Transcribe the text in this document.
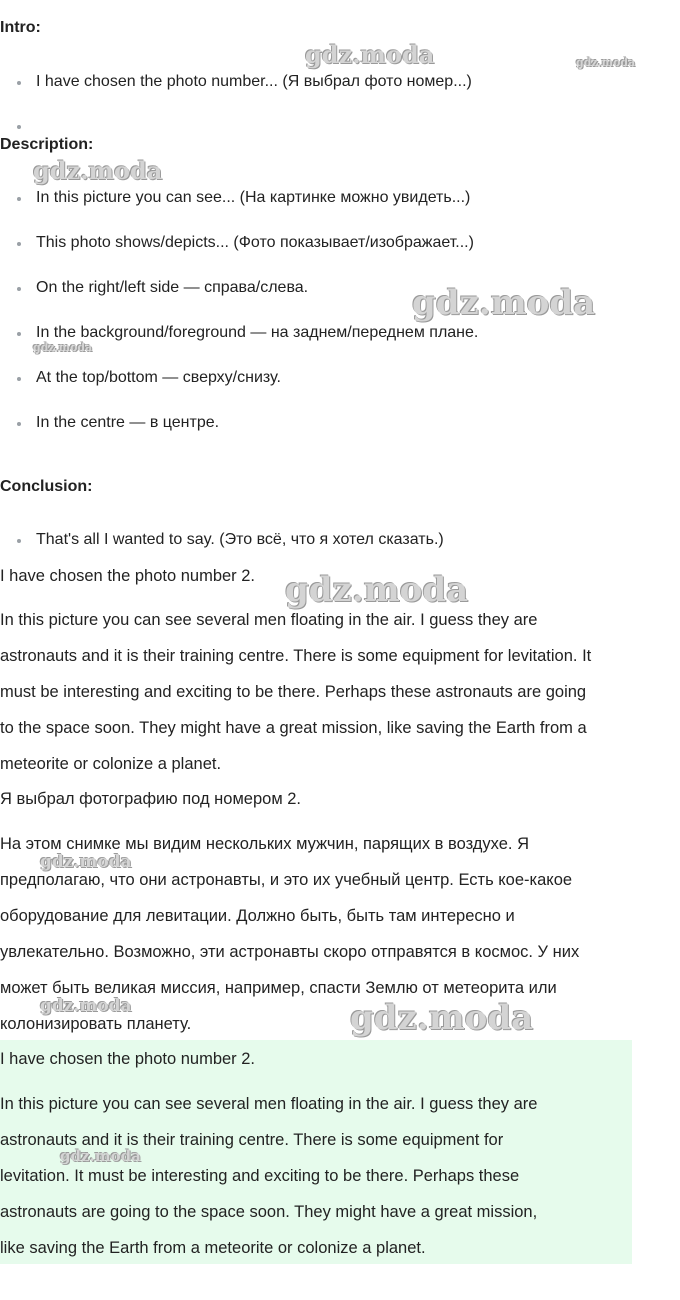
Intro:
I have chosen the photo number... (Я выбрал фото номер...)
Description:
In this picture you can see... (На картинке можно увидеть...)
This photo shows/depicts... (Фото показывает/изображает...)
On the right/left side — справа/слева.
In the background/foreground — на заднем/переднем плане.
At the top/bottom — сверху/снизу.
In the centre — в центре.
Conclusion:
That's all I wanted to say. (Это всё, что я хотел сказать.)
I have chosen the photo number 2.
In this picture you can see several men floating in the air. I guess they are
astronauts and it is their training centre. There is some equipment for levitation. It
must be interesting and exciting to be there. Perhaps these astronauts are going
to the space soon. They might have a great mission, like saving the Earth from a
meteorite or colonize a planet.
Я выбрал фотографию под номером 2.
На этом снимке мы видим нескольких мужчин, парящих в воздухе. Я
предполагаю, что они астронавты, и это их учебный центр. Есть кое-какое
оборудование для левитации. Должно быть, быть там интересно и
увлекательно. Возможно, эти астронавты скоро отправятся в космос. У них
может быть великая миссия, например, спасти Землю от метеорита или
колонизировать планету.
I have chosen the photo number 2.
In this picture you can see several men floating in the air. I guess they are
astronauts and it is their training centre. There is some equipment for
levitation. It must be interesting and exciting to be there. Perhaps these
astronauts are going to the space soon. They might have a great mission,
like saving the Earth from a meteorite or colonize a planet.
gdz.moda	gdz.moda
gdz.moda
gdz.moda
gdz.moda
gdz.moda
gdz.moda
gdz.moda	gdz.moda
gdz.moda
